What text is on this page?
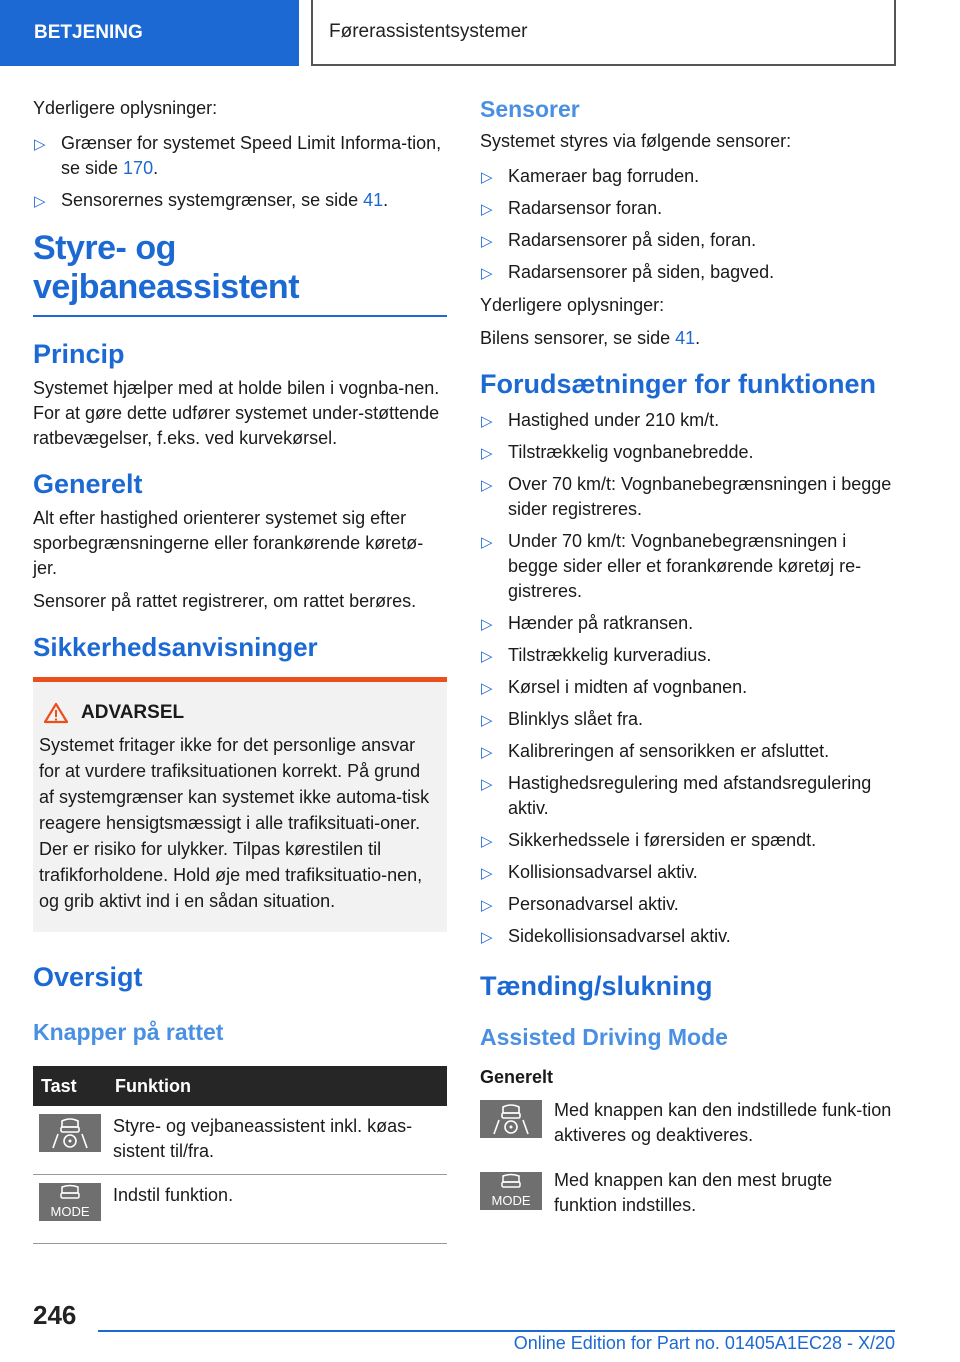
BETJENING	Førerassistentsystemer

Yderligere oplysninger:

▷ Grænser for systemet Speed Limit Informa-tion, se side 170.
▷ Sensorernes systemgrænser, se side 41.
Styre- og vejbaneassistent
Princip

Systemet hjælper med at holde bilen i vognba-nen. For at gøre dette udfører systemet under-støttende ratbevægelser, f.eks. ved kurvekørsel.

Generelt

Alt efter hastighed orienterer systemet sig efter sporbegrænsningerne eller forankørende køretø-jer.

Sensorer på rattet registrerer, om rattet berøres.

Sikkerhedsanvisninger
ADVARSEL

Systemet fritager ikke for det personlige ansvar for at vurdere trafiksituationen korrekt. På grund af systemgrænser kan systemet ikke automa-tisk reagere hensigtsmæssigt i alle trafiksituati-oner. Der er risiko for ulykker. Tilpas kørestilen til trafikforholdene. Hold øje med trafiksituatio-nen, og grib aktivt ind i en sådan situation.

Oversigt
Knapper på rattet
Tast	Funktion

	Styre- og vejbaneassistent inkl. køas-sistent til/fra.

MODE	Indstil funktion.
Sensorer

Systemet styres via følgende sensorer:

▷ Kameraer bag forruden.
▷ Radarsensor foran.
▷ Radarsensorer på siden, foran.
▷ Radarsensorer på siden, bagved.

Yderligere oplysninger:

Bilens sensorer, se side 41.

Forudsætninger for funktionen
▷ Hastighed under 210 km/t.
▷ Tilstrækkelig vognbanebredde.
▷ Over 70 km/t: Vognbanebegrænsningen i begge sider registreres.
▷ Under 70 km/t: Vognbanebegrænsningen i begge sider eller et forankørende køretøj re-gistreres.
▷ Hænder på ratkransen.
▷ Tilstrækkelig kurveradius.
▷ Kørsel i midten af vognbanen.
▷ Blinklys slået fra.
▷ Kalibreringen af sensorikken er afsluttet.
▷ Hastighedsregulering med afstandsregulering aktiv.
▷ Sikkerhedssele i førersiden er spændt.
▷ Kollisionsadvarsel aktiv.
▷ Personadvarsel aktiv.
▷ Sidekollisionsadvarsel aktiv.
Tænding/slukning
Assisted Driving Mode
Generelt

Med knappen kan den indstillede funk-tion aktiveres og deaktiveres.

MODE

Med knappen kan den mest brugte funktion indstilles.

246
Online Edition for Part no. 01405A1EC28 - X/20
